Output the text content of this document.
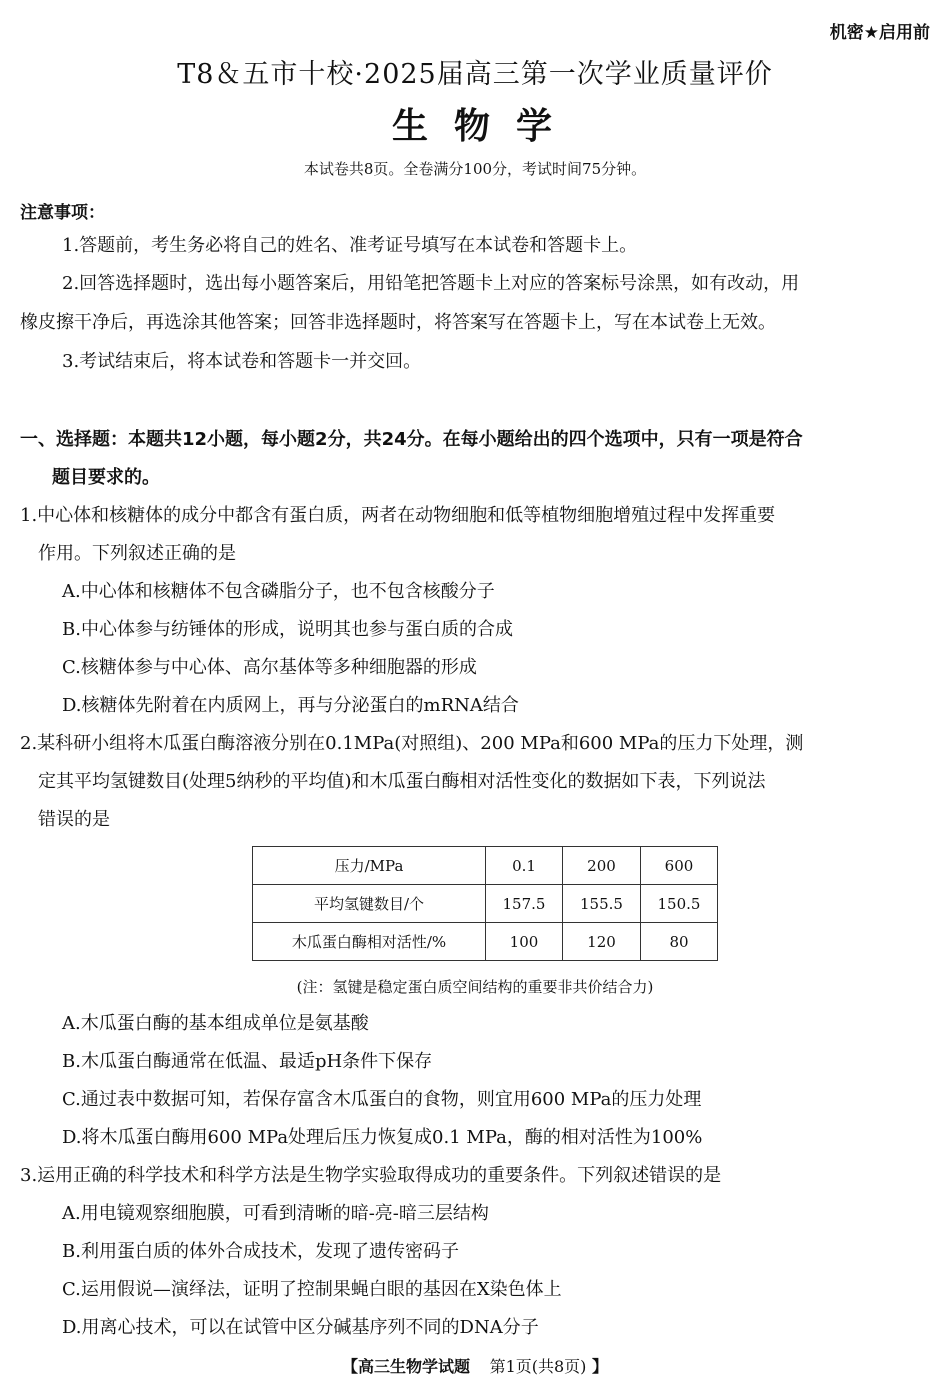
机密★启用前
T8＆五市十校·2025届高三第一次学业质量评价
生物学
本试卷共8页。全卷满分100分，考试时间75分钟。
注意事项：
1.答题前，考生务必将自己的姓名、准考证号填写在本试卷和答题卡上。
2.回答选择题时，选出每小题答案后，用铅笔把答题卡上对应的答案标号涂黑，如有改动，用
橡皮擦干净后，再选涂其他答案；回答非选择题时，将答案写在答题卡上，写在本试卷上无效。
3.考试结束后，将本试卷和答题卡一并交回。
一、选择题：本题共12小题，每小题2分，共24分。在每小题给出的四个选项中，只有一项是符合
题目要求的。
1.中心体和核糖体的成分中都含有蛋白质，两者在动物细胞和低等植物细胞增殖过程中发挥重要
作用。下列叙述正确的是
A.中心体和核糖体不包含磷脂分子，也不包含核酸分子
B.中心体参与纺锤体的形成，说明其也参与蛋白质的合成
C.核糖体参与中心体、高尔基体等多种细胞器的形成
D.核糖体先附着在内质网上，再与分泌蛋白的mRNA结合
2.某科研小组将木瓜蛋白酶溶液分别在0.1MPa(对照组)、200 MPa和600 MPa的压力下处理，测
定其平均氢键数目(处理5纳秒的平均值)和木瓜蛋白酶相对活性变化的数据如下表，下列说法
错误的是
压力/MPa	0.1	200	600
平均氢键数目/个	157.5	155.5	150.5
木瓜蛋白酶相对活性/%	100	120	80
(注：氢键是稳定蛋白质空间结构的重要非共价结合力)
A.木瓜蛋白酶的基本组成单位是氨基酸
B.木瓜蛋白酶通常在低温、最适pH条件下保存
C.通过表中数据可知，若保存富含木瓜蛋白的食物，则宜用600 MPa的压力处理
D.将木瓜蛋白酶用600 MPa处理后压力恢复成0.1 MPa，酶的相对活性为100%
3.运用正确的科学技术和科学方法是生物学实验取得成功的重要条件。下列叙述错误的是
A.用电镜观察细胞膜，可看到清晰的暗-亮-暗三层结构
B.利用蛋白质的体外合成技术，发现了遗传密码子
C.运用假说—演绎法，证明了控制果蝇白眼的基因在X染色体上
D.用离心技术，可以在试管中区分碱基序列不同的DNA分子
【高三生物学试题 第1页(共8页) 】
